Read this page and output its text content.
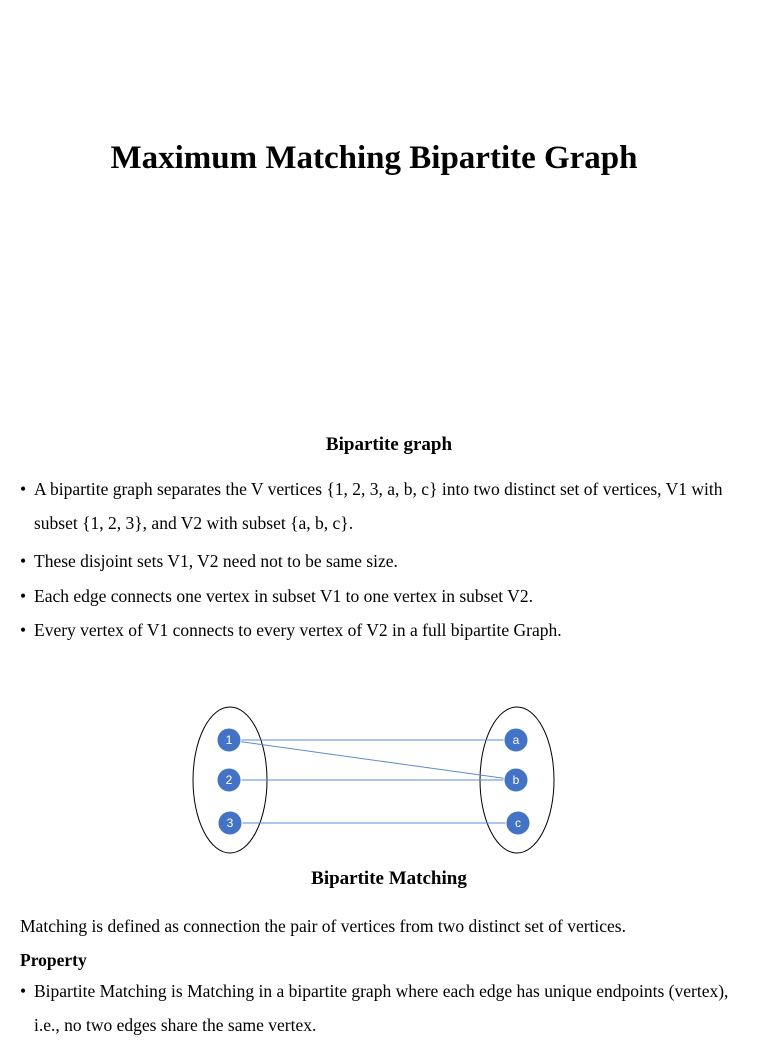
Maximum Matching Bipartite Graph
Bipartite graph
• A bipartite graph separates the V vertices {1, 2, 3, a, b, c} into two distinct set of vertices, V1 with subset {1, 2, 3}, and V2 with subset {a, b, c}.
• These disjoint sets V1, V2 need not to be same size.
• Each edge connects one vertex in subset V1 to one vertex in subset V2.
• Every vertex of V1 connects to every vertex of V2 in a full bipartite Graph.
1
2
3
a
b
c
Bipartite Matching
Matching is defined as connection the pair of vertices from two distinct set of vertices.
Property
• Bipartite Matching is Matching in a bipartite graph where each edge has unique endpoints (vertex), i.e., no two edges share the same vertex.
